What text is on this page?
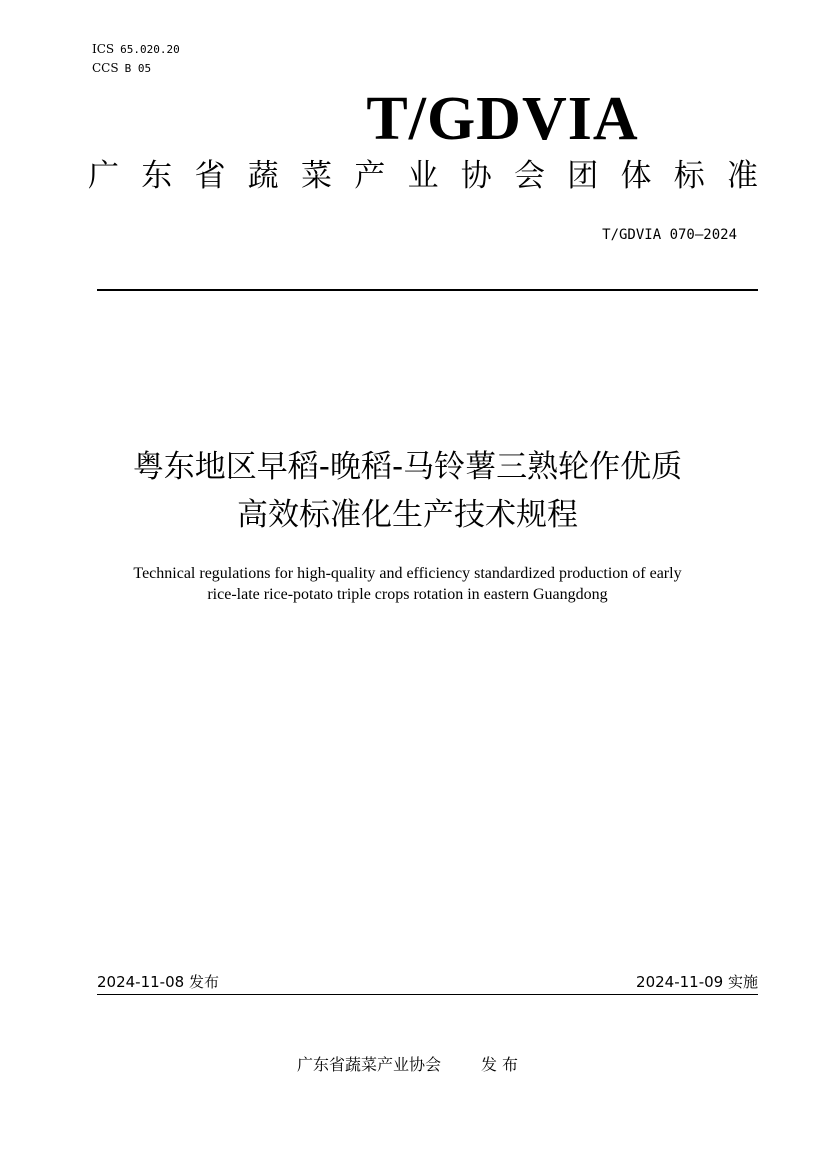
ICS 65.020.20
CCS B 05
T/GDVIA
广 东 省 蔬 菜 产 业 协 会 团 体 标 准
T/GDVIA 070—2024
粤东地区早稻-晚稻-马铃薯三熟轮作优质
高效标准化生产技术规程
Technical regulations for high-quality and efficiency standardized production of early
rice-late rice-potato triple crops rotation in eastern Guangdong
2024-11-08 发布	2024-11-09 实施
广东省蔬菜产业协会	发 布
